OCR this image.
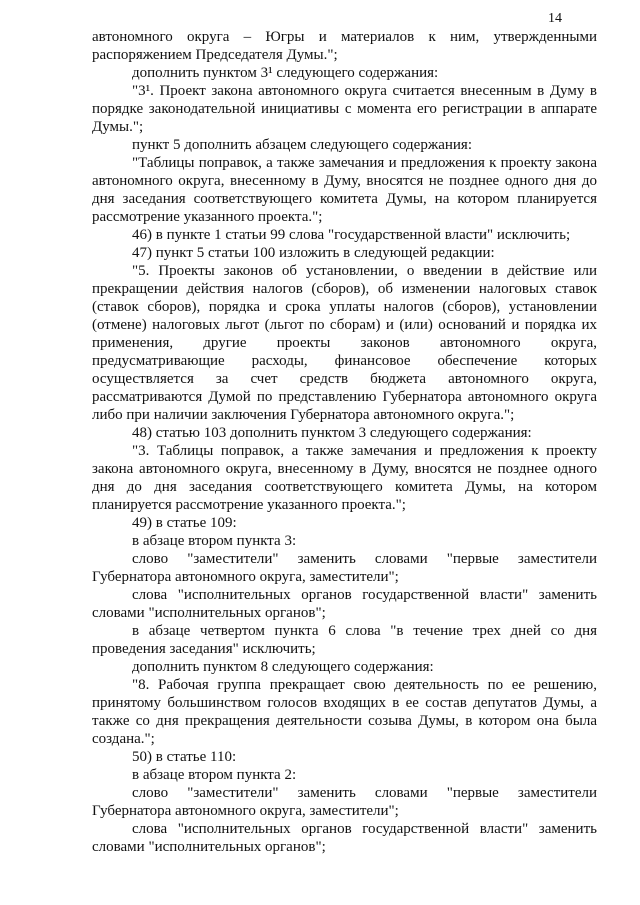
14

автономного округа – Югры и материалов к ним, утвержденными распоряжением Председателя Думы.";

дополнить пунктом 3¹ следующего содержания:

"3¹. Проект закона автономного округа считается внесенным в Думу в порядке законодательной инициативы с момента его регистрации в аппарате Думы.";

пункт 5 дополнить абзацем следующего содержания:

"Таблицы поправок, а также замечания и предложения к проекту закона автономного округа, внесенному в Думу, вносятся не позднее одного дня до дня заседания соответствующего комитета Думы, на котором планируется рассмотрение указанного проекта.";

46) в пункте 1 статьи 99 слова "государственной власти" исключить;

47) пункт 5 статьи 100 изложить в следующей редакции:

"5. Проекты законов об установлении, о введении в действие или прекращении действия налогов (сборов), об изменении налоговых ставок (ставок сборов), порядка и срока уплаты налогов (сборов), установлении (отмене) налоговых льгот (льгот по сборам) и (или) оснований и порядка их применения, другие проекты законов автономного округа, предусматривающие расходы, финансовое обеспечение которых осуществляется за счет средств бюджета автономного округа, рассматриваются Думой по представлению Губернатора автономного округа либо при наличии заключения Губернатора автономного округа.";

48) статью 103 дополнить пунктом 3 следующего содержания:

"3. Таблицы поправок, а также замечания и предложения к проекту закона автономного округа, внесенному в Думу, вносятся не позднее одного дня до дня заседания соответствующего комитета Думы, на котором планируется рассмотрение указанного проекта.";

49) в статье 109:

в абзаце втором пункта 3:

слово "заместители" заменить словами "первые заместители Губернатора автономного округа, заместители";

слова "исполнительных органов государственной власти" заменить словами "исполнительных органов";

в абзаце четвертом пункта 6 слова "в течение трех дней со дня проведения заседания" исключить;

дополнить пунктом 8 следующего содержания:

"8. Рабочая группа прекращает свою деятельность по ее решению, принятому большинством голосов входящих в ее состав депутатов Думы, а также со дня прекращения деятельности созыва Думы, в котором она была создана.";

50) в статье 110:

в абзаце втором пункта 2:

слово "заместители" заменить словами "первые заместители Губернатора автономного округа, заместители";

слова "исполнительных органов государственной власти" заменить словами "исполнительных органов";
